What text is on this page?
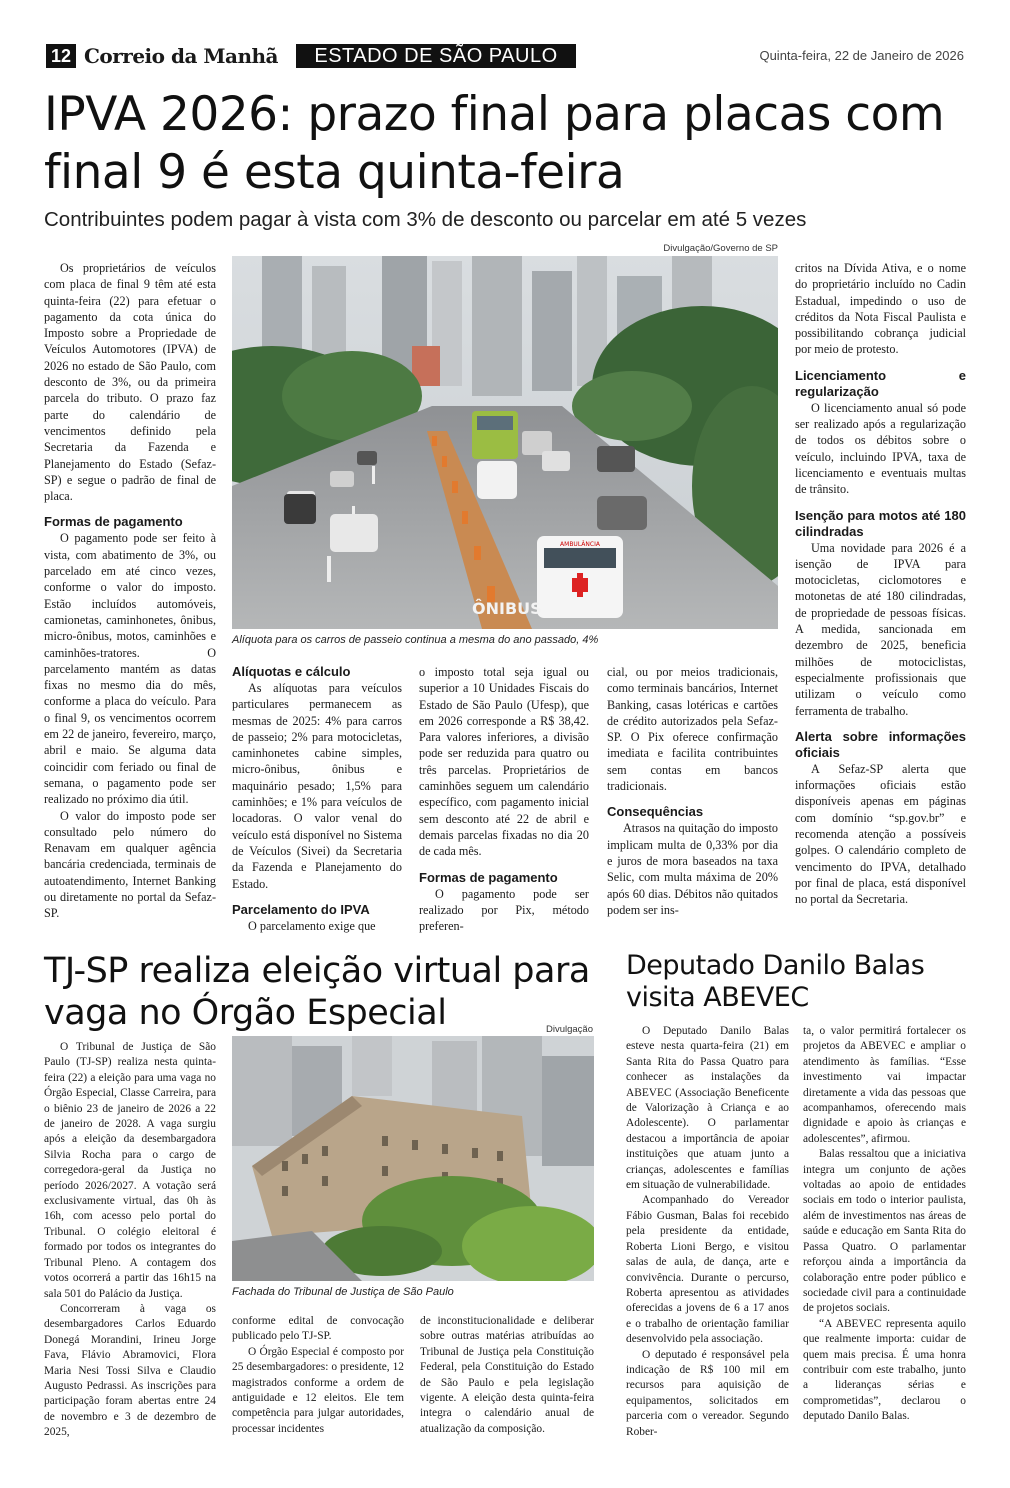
12 Correio da Manhã	ESTADO DE SÃO PAULO	Quinta-feira, 22 de Janeiro de 2026
IPVA 2026: prazo final para placas com final 9 é esta quinta-feira
Contribuintes podem pagar à vista com 3% de desconto ou parcelar em até 5 vezes
Divulgação/Governo de SP
AMBULÂNCIA
ÔNIBUS
Alíquota para os carros de passeio continua a mesma do ano passado, 4%

Os proprietários de veículos com placa de final 9 têm até esta quinta-feira (22) para efetuar o pagamento da cota única do Imposto sobre a Propriedade de Veículos Automotores (IPVA) de 2026 no estado de São Paulo, com desconto de 3%, ou da primeira parcela do tributo. O prazo faz parte do calendário de vencimentos definido pela Secretaria da Fazenda e Planejamento do Estado (Sefaz-SP) e segue o padrão de final de placa.

Formas de pagamento

O pagamento pode ser feito à vista, com abatimento de 3%, ou parcelado em até cinco vezes, conforme o valor do imposto. Estão incluídos automóveis, camionetas, caminhonetes, ônibus, micro-ônibus, motos, caminhões e caminhões-tratores. O parcelamento mantém as datas fixas no mesmo dia do mês, conforme a placa do veículo. Para o final 9, os vencimentos ocorrem em 22 de janeiro, fevereiro, março, abril e maio. Se alguma data coincidir com feriado ou final de semana, o pagamento pode ser realizado no próximo dia útil.

O valor do imposto pode ser consultado pelo número do Renavam em qualquer agência bancária credenciada, terminais de autoatendimento, Internet Banking ou diretamente no portal da Sefaz-SP.

Alíquotas e cálculo

As alíquotas para veículos particulares permanecem as mesmas de 2025: 4% para carros de passeio; 2% para motocicletas, caminhonetes cabine simples, micro-ônibus, ônibus e maquinário pesado; 1,5% para caminhões; e 1% para veículos de locadoras. O valor venal do veículo está disponível no Sistema de Veículos (Sivei) da Secretaria da Fazenda e Planejamento do Estado.

Parcelamento do IPVA

O parcelamento exige que

o imposto total seja igual ou superior a 10 Unidades Fiscais do Estado de São Paulo (Ufesp), que em 2026 corresponde a R$ 38,42. Para valores inferiores, a divisão pode ser reduzida para quatro ou três parcelas. Proprietários de caminhões seguem um calendário específico, com pagamento inicial sem desconto até 22 de abril e demais parcelas fixadas no dia 20 de cada mês.

Formas de pagamento

O pagamento pode ser realizado por Pix, método preferen-

cial, ou por meios tradicionais, como terminais bancários, Internet Banking, casas lotéricas e cartões de crédito autorizados pela Sefaz-SP. O Pix oferece confirmação imediata e facilita contribuintes sem contas em bancos tradicionais.

Consequências

Atrasos na quitação do imposto implicam multa de 0,33% por dia e juros de mora baseados na taxa Selic, com multa máxima de 20% após 60 dias. Débitos não quitados podem ser ins-

critos na Dívida Ativa, e o nome do proprietário incluído no Cadin Estadual, impedindo o uso de créditos da Nota Fiscal Paulista e possibilitando cobrança judicial por meio de protesto.

Licenciamento e regularização

O licenciamento anual só pode ser realizado após a regularização de todos os débitos sobre o veículo, incluindo IPVA, taxa de licenciamento e eventuais multas de trânsito.

Isenção para motos até 180 cilindradas

Uma novidade para 2026 é a isenção de IPVA para motocicletas, ciclomotores e motonetas de até 180 cilindradas, de propriedade de pessoas físicas. A medida, sancionada em dezembro de 2025, beneficia milhões de motociclistas, especialmente profissionais que utilizam o veículo como ferramenta de trabalho.

Alerta sobre informações oficiais

A Sefaz-SP alerta que informações oficiais estão disponíveis apenas em páginas com domínio “sp.gov.br” e recomenda atenção a possíveis golpes. O calendário completo de vencimento do IPVA, detalhado por final de placa, está disponível no portal da Secretaria.

TJ-SP realiza eleição virtual para vaga no Órgão Especial	Divulgação
Fachada do Tribunal de Justiça de São Paulo

O Tribunal de Justiça de São Paulo (TJ-SP) realiza nesta quinta-feira (22) a eleição para uma vaga no Órgão Especial, Classe Carreira, para o biênio 23 de janeiro de 2026 a 22 de janeiro de 2028. A vaga surgiu após a eleição da desembargadora Silvia Rocha para o cargo de corregedora-geral da Justiça no período 2026/2027. A votação será exclusivamente virtual, das 0h às 16h, com acesso pelo portal do Tribunal. O colégio eleitoral é formado por todos os integrantes do Tribunal Pleno. A contagem dos votos ocorrerá a partir das 16h15 na sala 501 do Palácio da Justiça.

Concorreram à vaga os desembargadores Carlos Eduardo Donegá Morandini, Irineu Jorge Fava, Flávio Abramovici, Flora Maria Nesi Tossi Silva e Claudio Augusto Pedrassi. As inscrições para participação foram abertas entre 24 de novembro e 3 de dezembro de 2025,

conforme edital de convocação publicado pelo TJ-SP.

O Órgão Especial é composto por 25 desembargadores: o presidente, 12 magistrados conforme a ordem de antiguidade e 12 eleitos. Ele tem competência para julgar autoridades, processar incidentes

de inconstitucionalidade e deliberar sobre outras matérias atribuídas ao Tribunal de Justiça pela Constituição Federal, pela Constituição do Estado de São Paulo e pela legislação vigente. A eleição desta quinta-feira integra o calendário anual de atualização da composição.

Deputado Danilo Balas visita ABEVEC

O Deputado Danilo Balas esteve nesta quarta-feira (21) em Santa Rita do Passa Quatro para conhecer as instalações da ABEVEC (Associação Beneficente de Valorização à Criança e ao Adolescente). O parlamentar destacou a importância de apoiar instituições que atuam junto a crianças, adolescentes e famílias em situação de vulnerabilidade.

Acompanhado do Vereador Fábio Gusman, Balas foi recebido pela presidente da entidade, Roberta Lioni Bergo, e visitou salas de aula, de dança, arte e convivência. Durante o percurso, Roberta apresentou as atividades oferecidas a jovens de 6 a 17 anos e o trabalho de orientação familiar desenvolvido pela associação.

O deputado é responsável pela indicação de R$ 100 mil em recursos para aquisição de equipamentos, solicitados em parceria com o vereador. Segundo Rober-

ta, o valor permitirá fortalecer os projetos da ABEVEC e ampliar o atendimento às famílias. “Esse investimento vai impactar diretamente a vida das pessoas que acompanhamos, oferecendo mais dignidade e apoio às crianças e adolescentes”, afirmou.

Balas ressaltou que a iniciativa integra um conjunto de ações voltadas ao apoio de entidades sociais em todo o interior paulista, além de investimentos nas áreas de saúde e educação em Santa Rita do Passa Quatro. O parlamentar reforçou ainda a importância da colaboração entre poder público e sociedade civil para a continuidade de projetos sociais.

“A ABEVEC representa aquilo que realmente importa: cuidar de quem mais precisa. É uma honra contribuir com este trabalho, junto a lideranças sérias e comprometidas”, declarou o deputado Danilo Balas.
